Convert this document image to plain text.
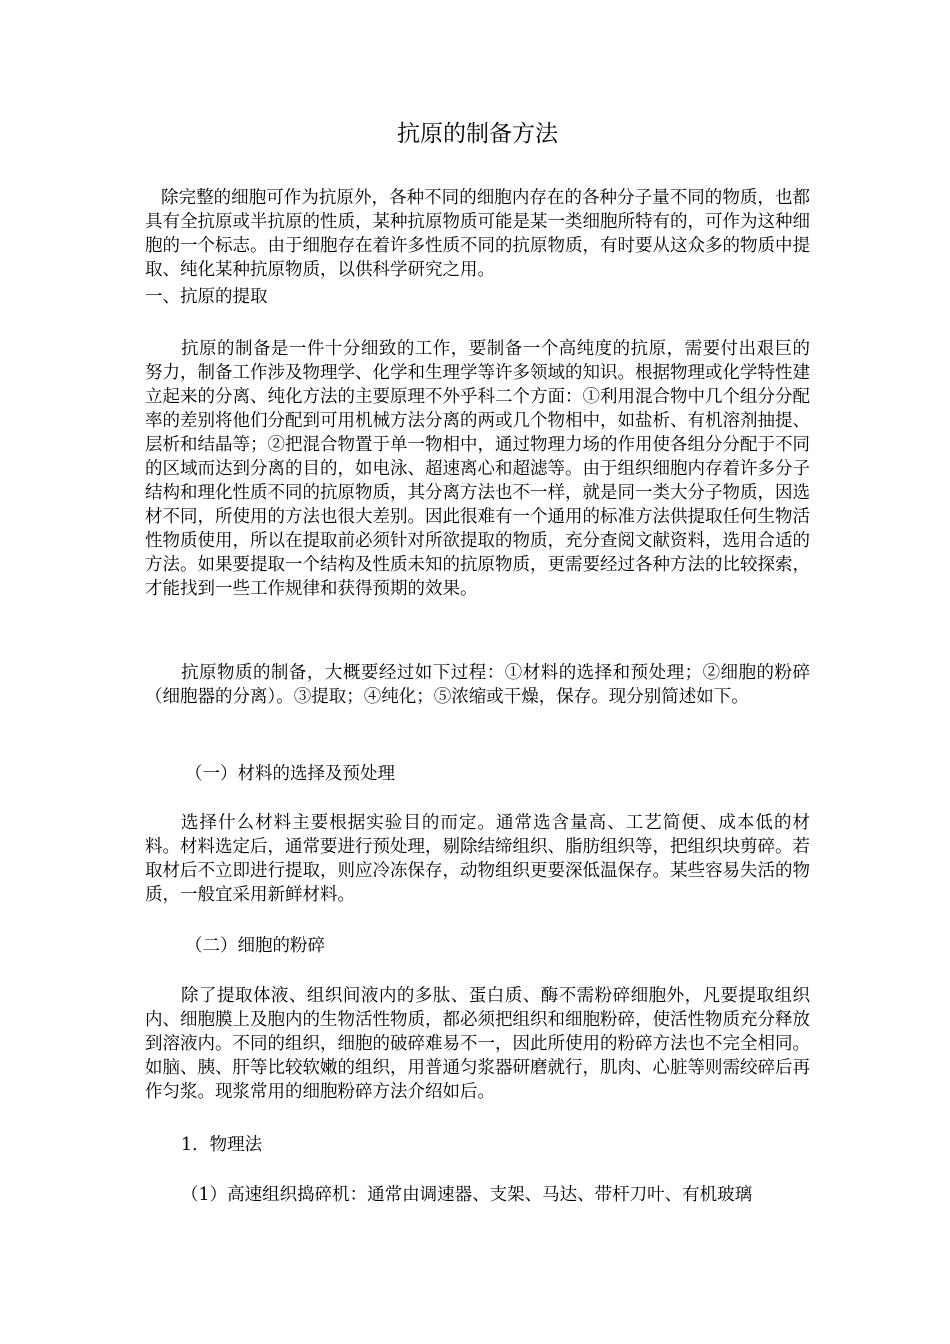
抗原的制备方法

除完整的细胞可作为抗原外，各种不同的细胞内存在的各种分子量不同的物质，也都具有全抗原或半抗原的性质，某种抗原物质可能是某一类细胞所特有的，可作为这种细胞的一个标志。由于细胞存在着许多性质不同的抗原物质，有时要从这众多的物质中提取、纯化某种抗原物质，以供科学研究之用。

一、抗原的提取

抗原的制备是一件十分细致的工作，要制备一个高纯度的抗原，需要付出艰巨的努力，制备工作涉及物理学、化学和生理学等许多领域的知识。根据物理或化学特性建立起来的分离、纯化方法的主要原理不外乎科二个方面：①利用混合物中几个组分分配率的差别将他们分配到可用机械方法分离的两或几个物相中，如盐析、有机溶剂抽提、层析和结晶等；②把混合物置于单一物相中，通过物理力场的作用使各组分分配于不同的区域而达到分离的目的，如电泳、超速离心和超滤等。由于组织细胞内存着许多分子结构和理化性质不同的抗原物质，其分离方法也不一样，就是同一类大分子物质，因选材不同，所使用的方法也很大差别。因此很难有一个通用的标准方法供提取任何生物活性物质使用，所以在提取前必须针对所欲提取的物质，充分查阅文献资料，选用合适的方法。如果要提取一个结构及性质未知的抗原物质，更需要经过各种方法的比较探索，才能找到一些工作规律和获得预期的效果。

抗原物质的制备，大概要经过如下过程：①材料的选择和预处理；②细胞的粉碎（细胞器的分离）。③提取；④纯化；⑤浓缩或干燥，保存。现分别简述如下。

（一）材料的选择及预处理

选择什么材料主要根据实验目的而定。通常选含量高、工艺简便、成本低的材料。材料选定后，通常要进行预处理，剔除结缔组织、脂肪组织等，把组织块剪碎。若取材后不立即进行提取，则应冷冻保存，动物组织更要深低温保存。某些容易失活的物质，一般宜采用新鲜材料。

（二）细胞的粉碎

除了提取体液、组织间液内的多肽、蛋白质、酶不需粉碎细胞外，凡要提取组织内、细胞膜上及胞内的生物活性物质，都必须把组织和细胞粉碎，使活性物质充分释放到溶液内。不同的组织，细胞的破碎难易不一，因此所使用的粉碎方法也不完全相同。如脑、胰、肝等比较软嫩的组织，用普通匀浆器研磨就行，肌肉、心脏等则需绞碎后再作匀浆。现浆常用的细胞粉碎方法介绍如后。

1．物理法

（1）高速组织捣碎机：通常由调速器、支架、马达、带杆刀叶、有机玻璃
